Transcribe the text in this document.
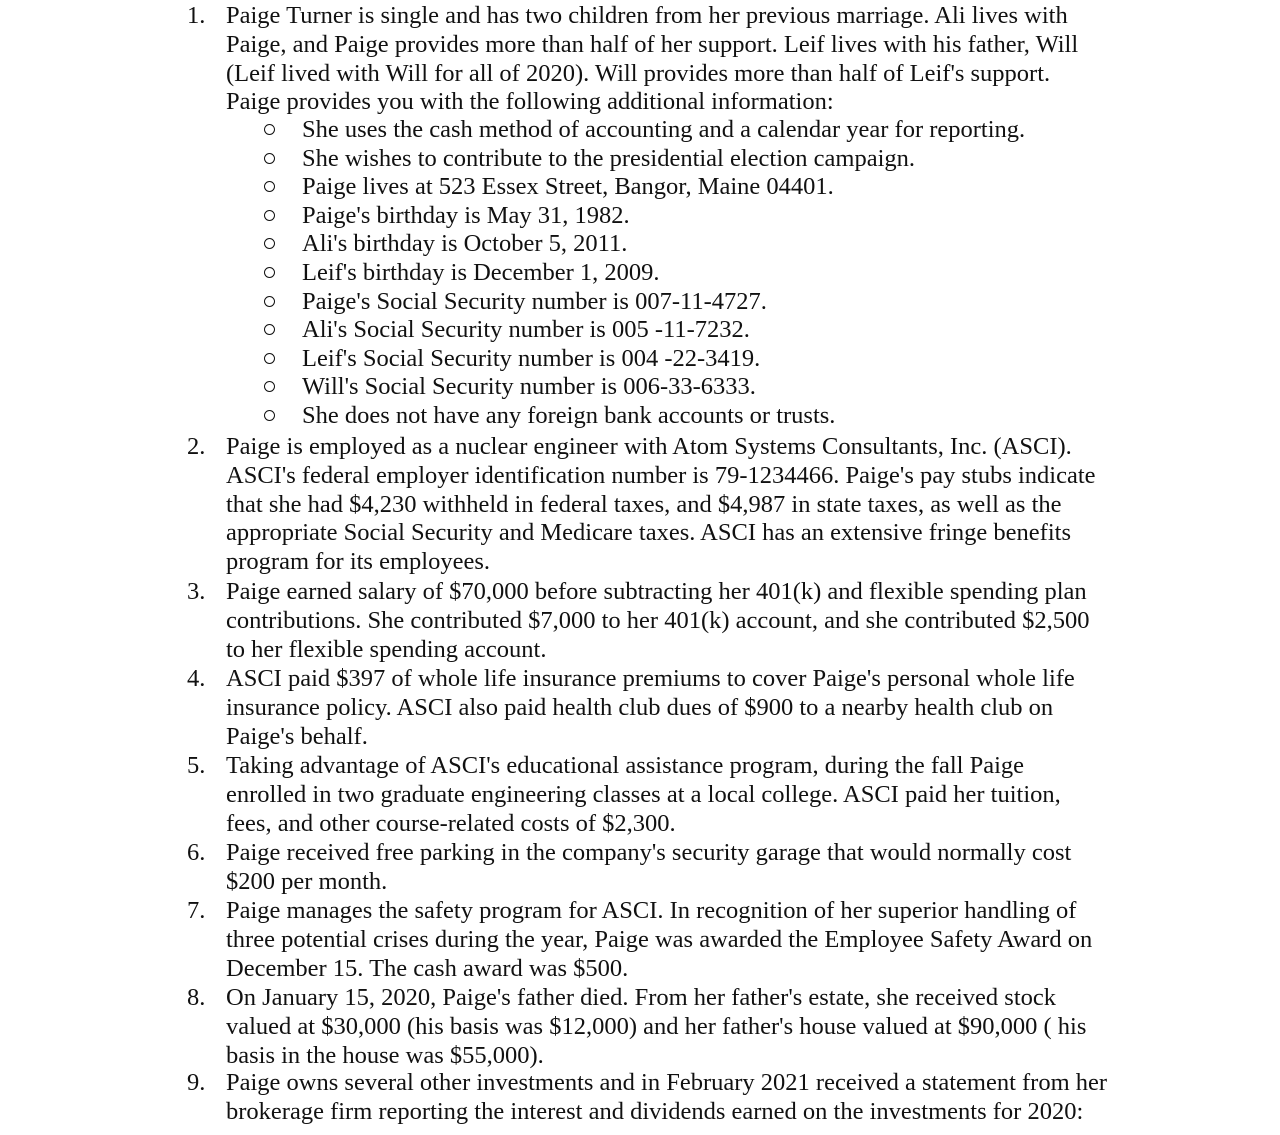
1. Paige Turner is single and has two children from her previous marriage. Ali lives with
Paige, and Paige provides more than half of her support. Leif lives with his father, Will
(Leif lived with Will for all of 2020). Will provides more than half of Leif's support.
Paige provides you with the following additional information:
She uses the cash method of accounting and a calendar year for reporting.
She wishes to contribute to the presidential election campaign.
Paige lives at 523 Essex Street, Bangor, Maine 04401.
Paige's birthday is May 31, 1982.
Ali's birthday is October 5, 2011.
Leif's birthday is December 1, 2009.
Paige's Social Security number is 007-11-4727.
Ali's Social Security number is 005 -11-7232.
Leif's Social Security number is 004 -22-3419.
Will's Social Security number is 006-33-6333.
She does not have any foreign bank accounts or trusts.
2. Paige is employed as a nuclear engineer with Atom Systems Consultants, Inc. (ASCI).
ASCI's federal employer identification number is 79-1234466. Paige's pay stubs indicate
that she had $4,230 withheld in federal taxes, and $4,987 in state taxes, as well as the
appropriate Social Security and Medicare taxes. ASCI has an extensive fringe benefits
program for its employees.
3. Paige earned salary of $70,000 before subtracting her 401(k) and flexible spending plan
contributions. She contributed $7,000 to her 401(k) account, and she contributed $2,500
to her flexible spending account.
4. ASCI paid $397 of whole life insurance premiums to cover Paige's personal whole life
insurance policy. ASCI also paid health club dues of $900 to a nearby health club on
Paige's behalf.
5. Taking advantage of ASCI's educational assistance program, during the fall Paige
enrolled in two graduate engineering classes at a local college. ASCI paid her tuition,
fees, and other course-related costs of $2,300.
6. Paige received free parking in the company's security garage that would normally cost
$200 per month.
7. Paige manages the safety program for ASCI. In recognition of her superior handling of
three potential crises during the year, Paige was awarded the Employee Safety Award on
December 15. The cash award was $500.
8. On January 15, 2020, Paige's father died. From her father's estate, she received stock
valued at $30,000 (his basis was $12,000) and her father's house valued at $90,000 ( his
basis in the house was $55,000).
9. Paige owns several other investments and in February 2021 received a statement from her
brokerage firm reporting the interest and dividends earned on the investments for 2020:
